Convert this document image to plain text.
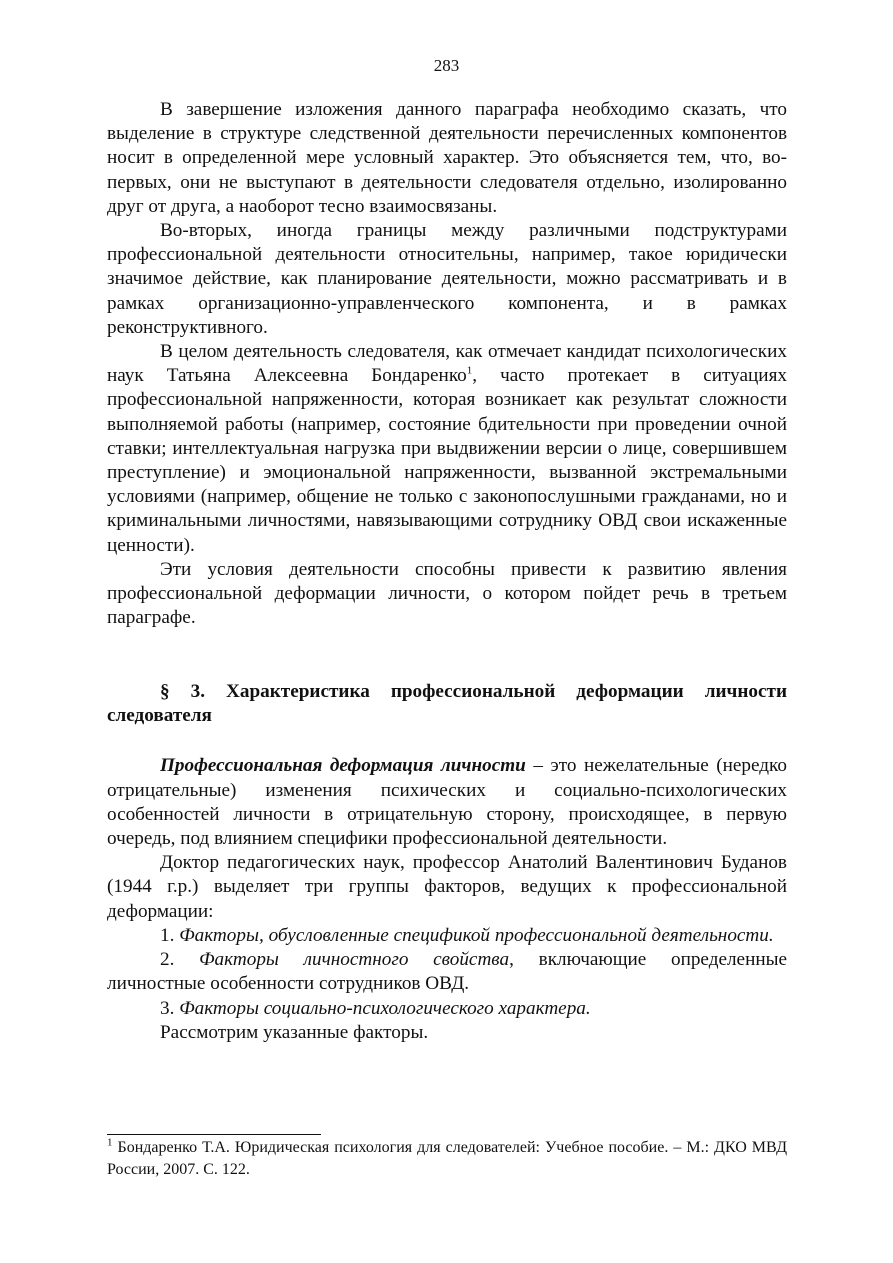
283

В завершение изложения данного параграфа необходимо сказать, что выделение в структуре следственной деятельности перечисленных компонентов носит в определенной мере условный характер. Это объясняется тем, что, во-первых, они не выступают в деятельности следователя отдельно, изолированно друг от друга, а наоборот тесно взаимосвязаны.

Во-вторых, иногда границы между различными подструктурами профессиональной деятельности относительны, например, такое юридически значимое действие, как планирование деятельности, можно рассматривать и в рамках организационно-управленческого компонента, и в рамках реконструктивного.

В целом деятельность следователя, как отмечает кандидат психологических наук Татьяна Алексеевна Бондаренко$^1$, часто протекает в ситуациях профессиональной напряженности, которая возникает как результат сложности выполняемой работы (например, состояние бдительности при проведении очной ставки; интеллектуальная нагрузка при выдвижении версии о лице, совершившем преступление) и эмоциональной напряженности, вызванной экстремальными условиями (например, общение не только с законопослушными гражданами, но и криминальными личностями, навязывающими сотруднику ОВД свои искаженные ценности).

Эти условия деятельности способны привести к развитию явления профессиональной деформации личности, о котором пойдет речь в третьем параграфе.

§ 3. Характеристика профессиональной деформации личности следователя

Профессиональная деформация личности – это нежелательные (нередко отрицательные) изменения психических и социально-психологических особенностей личности в отрицательную сторону, происходящее, в первую очередь, под влиянием специфики профессиональной деятельности.

Доктор педагогических наук, профессор Анатолий Валентинович Буданов (1944 г.р.) выделяет три группы факторов, ведущих к профессиональной деформации:

1. Факторы, обусловленные спецификой профессиональной деятельности.

2. Факторы личностного свойства, включающие определенные личностные особенности сотрудников ОВД.

3. Факторы социально-психологического характера.

Рассмотрим указанные факторы.

$^1$ Бондаренко Т.А. Юридическая психология для следователей: Учебное пособие. – М.: ДКО МВД России, 2007. С. 122.
